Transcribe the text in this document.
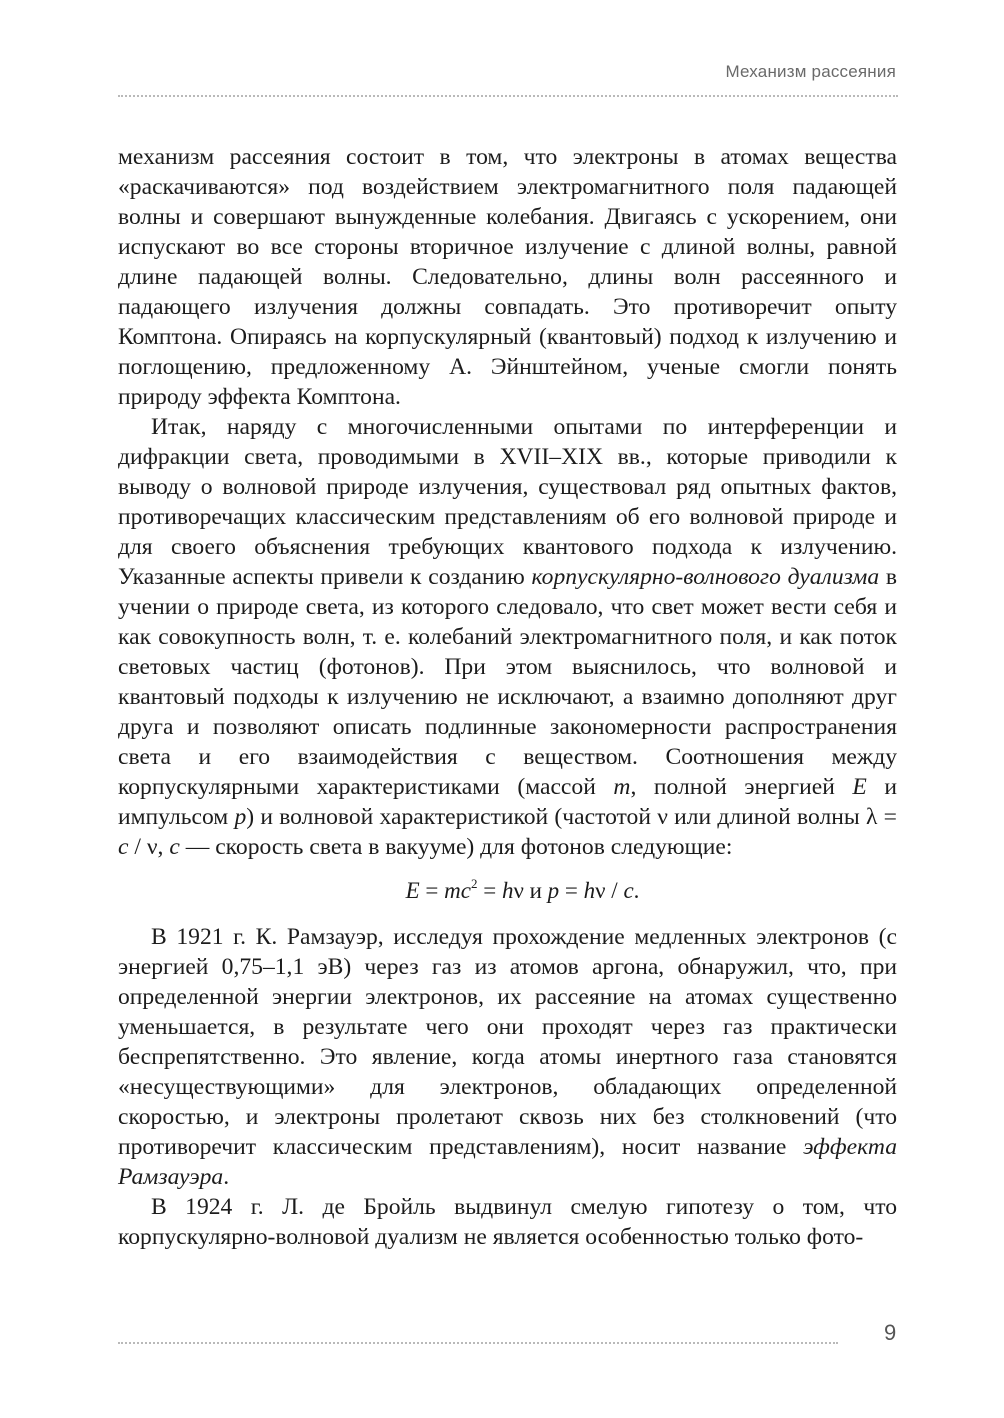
Механизм рассеяния

механизм рассеяния состоит в том, что электроны в атомах вещества «раскачиваются» под воздействием электромагнитного поля падающей волны и совершают вынужденные колебания. Двигаясь с ускорением, они испускают во все стороны вторичное излучение с длиной волны, равной длине падающей волны. Следовательно, длины волн рассеянного и падающего излучения должны совпадать. Это противоречит опыту Комптона. Опираясь на корпускулярный (квантовый) подход к излучению и поглощению, предложенному А. Эйнштейном, ученые смогли понять природу эффекта Комптона.

Итак, наряду с многочисленными опытами по интерференции и дифракции света, проводимыми в XVII–XIX вв., которые приводили к выводу о волновой природе излучения, существовал ряд опытных фактов, противоречащих классическим представлениям об его волновой природе и для своего объяснения требующих квантового подхода к излучению. Указанные аспекты привели к созданию корпускулярно-волнового дуализма в учении о природе света, из которого следовало, что свет может вести себя и как совокупность волн, т. е. колебаний электромагнитного поля, и как поток световых частиц (фотонов). При этом выяснилось, что волновой и квантовый подходы к излучению не исключают, а взаимно дополняют друг друга и позволяют описать подлинные закономерности распространения света и его взаимодействия с веществом. Соотношения между корпускулярными характеристиками (массой m, полной энергией E и импульсом p) и волновой характеристикой (частотой ν или длиной волны λ = c / ν, c — скорость света в вакууме) для фотонов следующие:

$E = mc^2 = h\nu$ и p = hν / c.

В 1921 г. К. Рамзауэр, исследуя прохождение медленных электронов (с энергией 0,75–1,1 эВ) через газ из атомов аргона, обнаружил, что, при определенной энергии электронов, их рассеяние на атомах существенно уменьшается, в результате чего они проходят через газ практически беспрепятственно. Это явление, когда атомы инертного газа становятся «несуществующими» для электронов, обладающих определенной скоростью, и электроны пролетают сквозь них без столкновений (что противоречит классическим представлениям), носит название эффекта Рамзауэра.

В 1924 г. Л. де Бройль выдвинул смелую гипотезу о том, что корпускулярно-волновой дуализм не является особенностью только фото-

9
